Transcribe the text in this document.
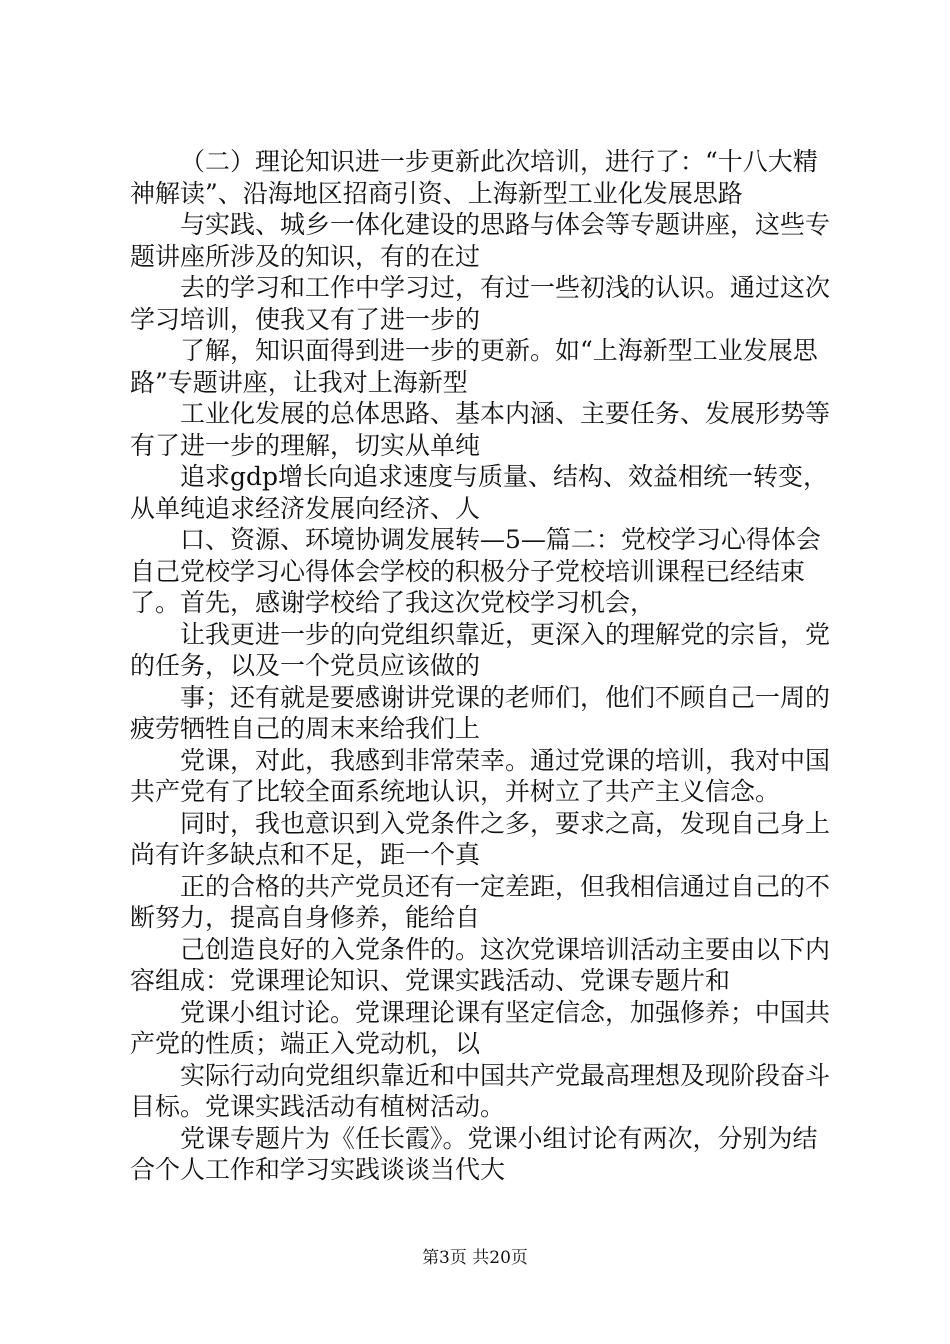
（二）理论知识进一步更新此次培训，进行了：“十八大精神解读”、沿海地区招商引资、上海新型工业化发展思路

与实践、城乡一体化建设的思路与体会等专题讲座，这些专题讲座所涉及的知识，有的在过

去的学习和工作中学习过，有过一些初浅的认识。通过这次学习培训，使我又有了进一步的

了解，知识面得到进一步的更新。如“上海新型工业发展思路”专题讲座，让我对上海新型

工业化发展的总体思路、基本内涵、主要任务、发展形势等有了进一步的理解，切实从单纯

追求gdp增长向追求速度与质量、结构、效益相统一转变，从单纯追求经济发展向经济、人

口、资源、环境协调发展转—5—篇二：党校学习心得体会自己党校学习心得体会学校的积极分子党校培训课程已经结束了。首先，感谢学校给了我这次党校学习机会，

让我更进一步的向党组织靠近，更深入的理解党的宗旨，党的任务，以及一个党员应该做的

事；还有就是要感谢讲党课的老师们，他们不顾自己一周的疲劳牺牲自己的周末来给我们上

党课，对此，我感到非常荣幸。通过党课的培训，我对中国共产党有了比较全面系统地认识，并树立了共产主义信念。

同时，我也意识到入党条件之多，要求之高，发现自己身上尚有许多缺点和不足，距一个真

正的合格的共产党员还有一定差距，但我相信通过自己的不断努力，提高自身修养，能给自

己创造良好的入党条件的。这次党课培训活动主要由以下内容组成：党课理论知识、党课实践活动、党课专题片和

党课小组讨论。党课理论课有坚定信念，加强修养；中国共产党的性质；端正入党动机，以

实际行动向党组织靠近和中国共产党最高理想及现阶段奋斗目标。党课实践活动有植树活动。

党课专题片为《任长霞》。党课小组讨论有两次，分别为结合个人工作和学习实践谈谈当代大

第3页 共20页
